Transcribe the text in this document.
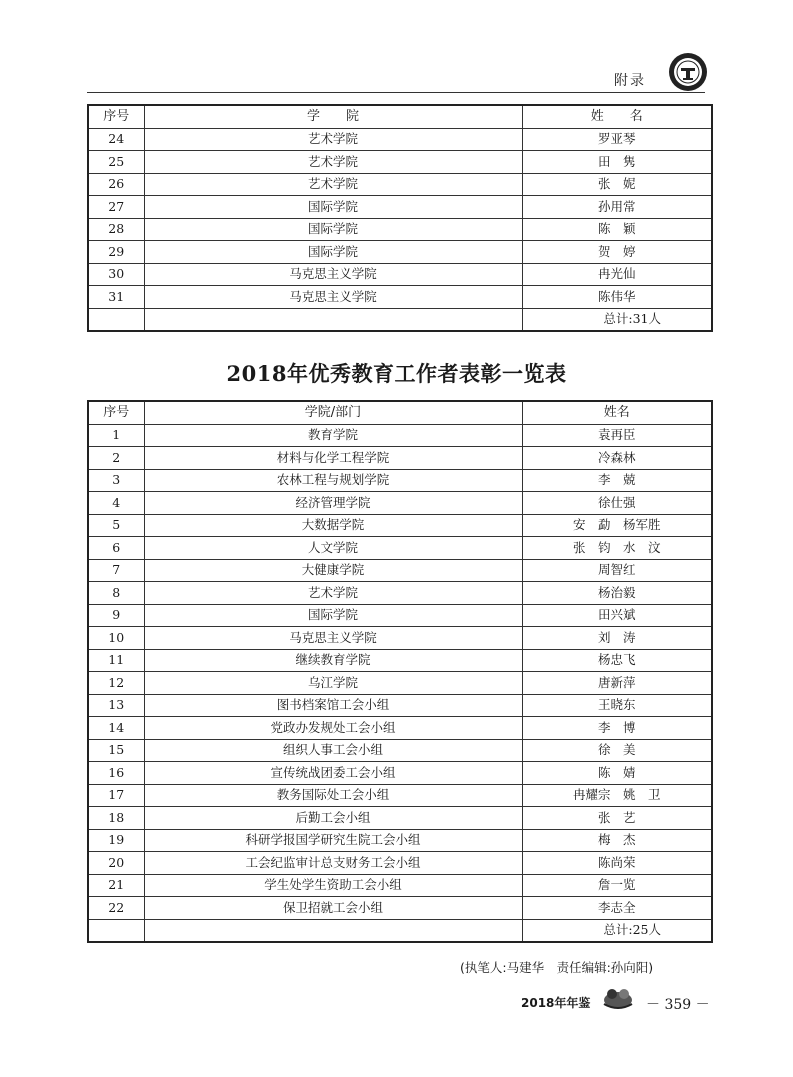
附录
序号	学　　院	姓　　名
24	艺术学院	罗亚琴
25	艺术学院	田　隽
26	艺术学院	张　妮
27	国际学院	孙用常
28	国际学院	陈　颖
29	国际学院	贺　婷
30	马克思主义学院	冉光仙
31	马克思主义学院	陈伟华
		总计:31人
2018年优秀教育工作者表彰一览表
序号	学院/部门	姓名
1	教育学院	袁再臣
2	材料与化学工程学院	冷森林
3	农林工程与规划学院	李　兢
4	经济管理学院	徐仕强
5	大数据学院	安　勐　杨军胜
6	人文学院	张　钧　水　汶
7	大健康学院	周智红
8	艺术学院	杨治毅
9	国际学院	田兴斌
10	马克思主义学院	刘　涛
11	继续教育学院	杨忠飞
12	乌江学院	唐新萍
13	图书档案馆工会小组	王晓东
14	党政办发规处工会小组	李　博
15	组织人事工会小组	徐　美
16	宣传统战团委工会小组	陈　婧
17	教务国际处工会小组	冉耀宗　姚　卫
18	后勤工会小组	张　艺
19	科研学报国学研究生院工会小组	梅　杰
20	工会纪监审计总支财务工会小组	陈尚荣
21	学生处学生资助工会小组	詹一览
22	保卫招就工会小组	李志全
		总计:25人
(执笔人:马建华　责任编辑:孙向阳)
2018年年鉴	－ 359 －
